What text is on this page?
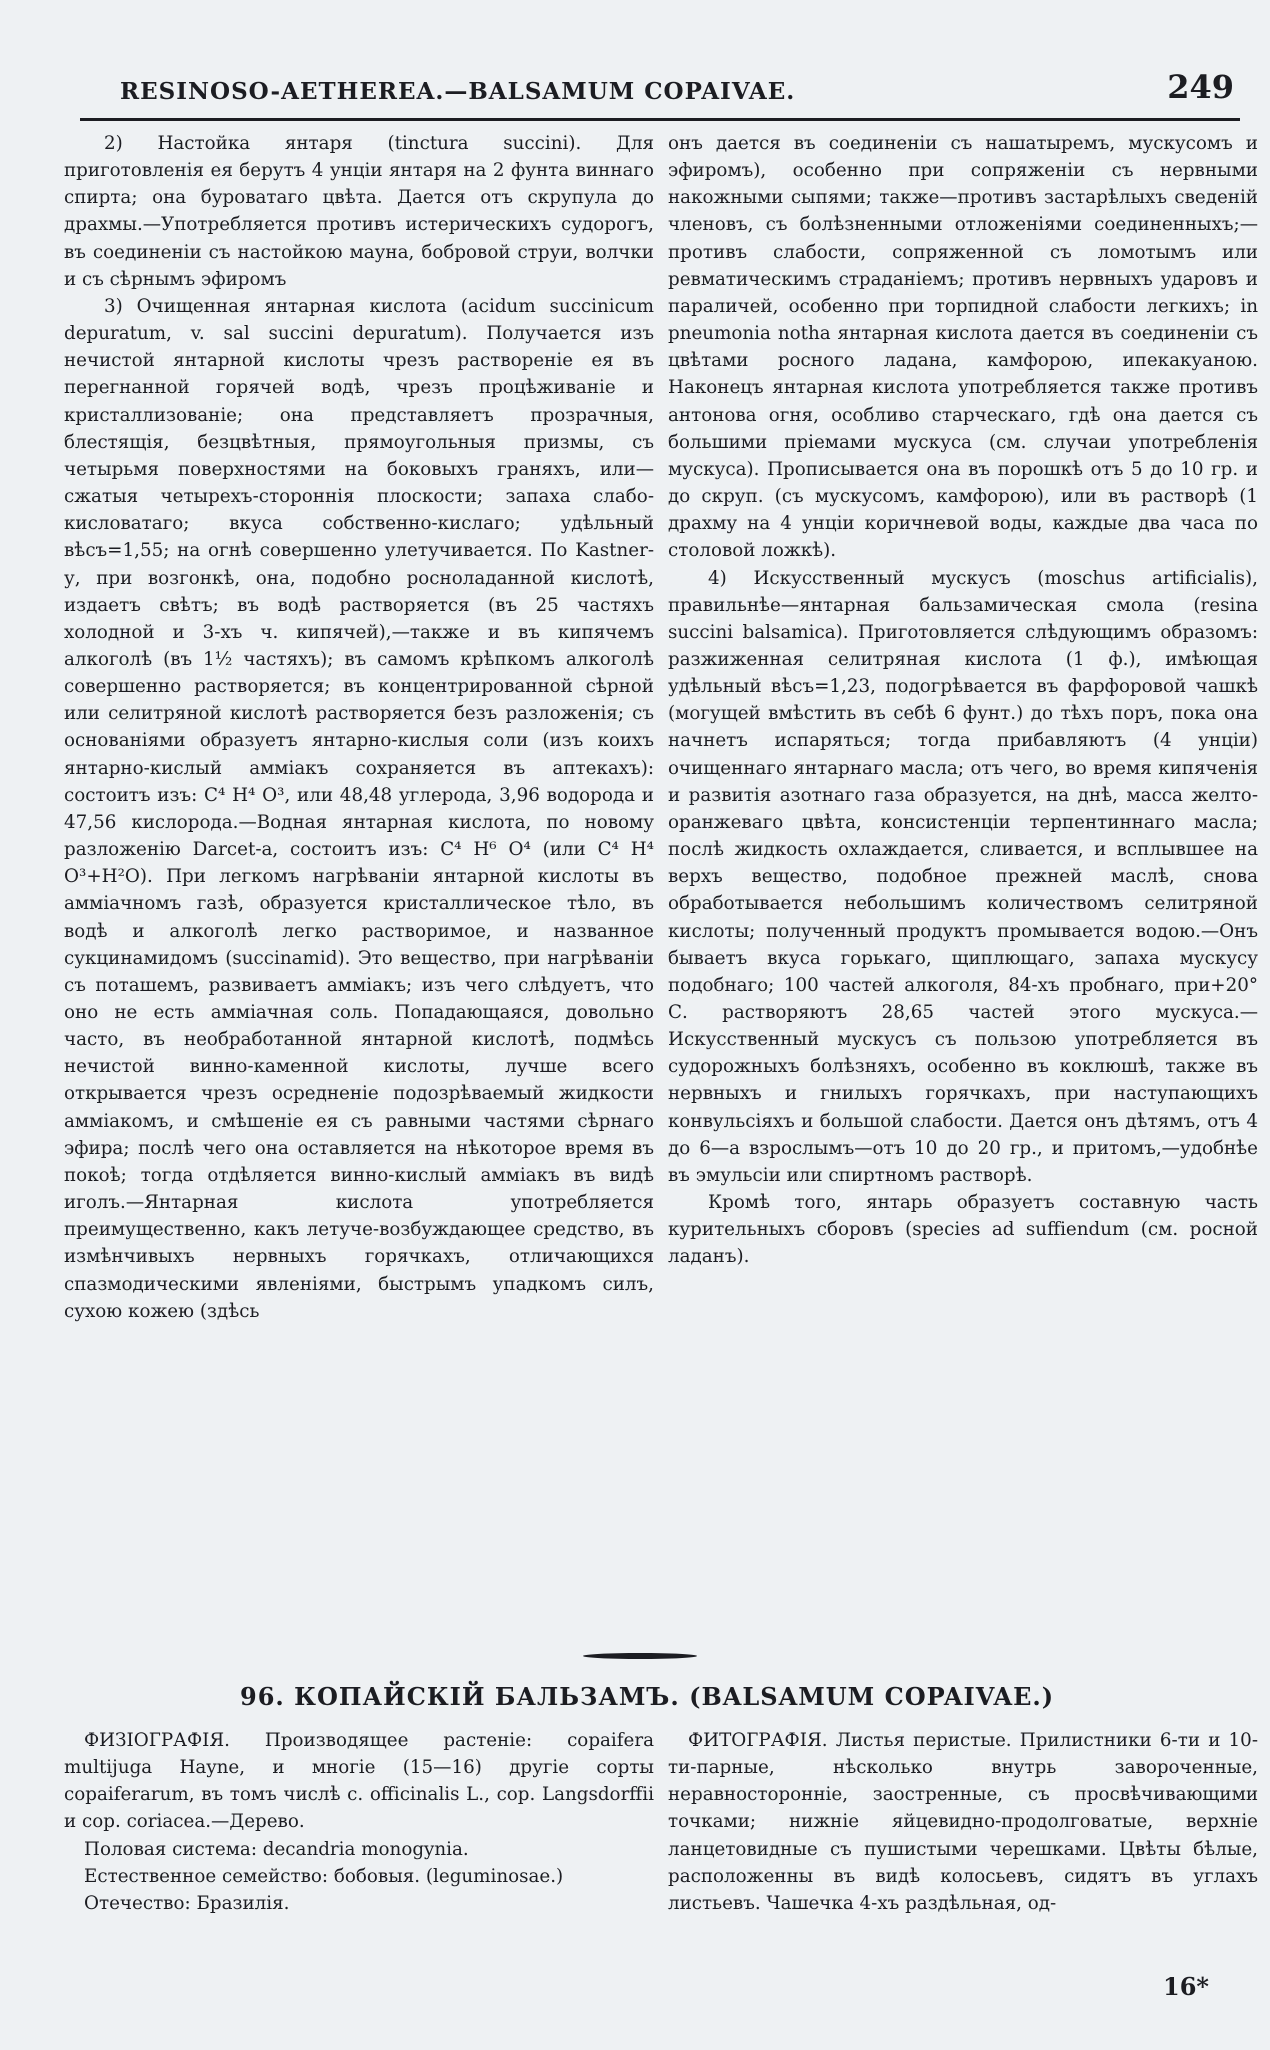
RESINOSO-AETHEREA.—BALSAMUM COPAIVAE.	249

2) Настойка янтаря (tinctura succini). Для приготовленія ея берутъ 4 унціи янтаря на 2 фунта виннаго спирта; она буроватаго цвѣта. Дается отъ скрупула до драхмы.—Употребляется противъ истерическихъ судорогъ, въ соединеніи съ настойкою мауна, бобровой струи, волчки и съ сѣрнымъ эфиромъ

3) Очищенная янтарная кислота (acidum succinicum depuratum, v. sal succini depuratum). Получается изъ нечистой янтарной кислоты чрезъ раствореніе ея въ перегнанной горячей водѣ, чрезъ процѣживаніе и кристаллизованіе; она представляетъ прозрачныя, блестящія, безцвѣтныя, прямоугольныя призмы, съ четырьмя поверхностями на боковыхъ граняхъ, или—сжатыя четырехъ-стороннія плоскости; запаха слабо-кисловатаго; вкуса собственно-кислаго; удѣльный вѣсъ=1,55; на огнѣ совершенно улетучивается. По Kastner-у, при возгонкѣ, она, подобно росноладанной кислотѣ, издаетъ свѣтъ; въ водѣ растворяется (въ 25 частяхъ холодной и 3-хъ ч. кипячей),—также и въ кипячемъ алкоголѣ (въ 1½ частяхъ); въ самомъ крѣпкомъ алкоголѣ совершенно растворяется; въ концентрированной сѣрной или селитряной кислотѣ растворяется безъ разложенія; съ основаніями образуетъ янтарно-кислыя соли (изъ коихъ янтарно-кислый аммiакъ сохраняется въ аптекахъ): состоитъ изъ: C⁴ H⁴ O³, или 48,48 углерода, 3,96 водорода и 47,56 кислорода.—Водная янтарная кислота, по новому разложенію Darcet-a, состоитъ изъ: C⁴ H⁶ O⁴ (или C⁴ H⁴ O³+H²O). При легкомъ нагрѣваніи янтарной кислоты въ амміачномъ газѣ, образуется кристаллическое тѣло, въ водѣ и алкоголѣ легко растворимое, и названное сукцинамидомъ (succinamid). Это вещество, при нагрѣваніи съ поташемъ, развиваетъ амміакъ; изъ чего слѣдуетъ, что оно не есть амміачная соль. Попадающаяся, довольно часто, въ необработанной янтарной кислотѣ, подмѣсь нечистой винно-каменной кислоты, лучше всего открывается чрезъ осредненіе подозрѣваемый жидкости амміакомъ, и смѣшеніе ея съ равными частями сѣрнаго эфира; послѣ чего она оставляется на нѣкоторое время въ покоѣ; тогда отдѣляется винно-кислый амміакъ въ видѣ иголъ.—Янтарная кислота употребляется преимущественно, какъ летуче-возбуждающее средство, въ измѣнчивыхъ нервныхъ горячкахъ, отличающихся спазмодическими явленіями, быстрымъ упадкомъ силъ, сухою кожею (здѣсь

онъ дается въ соединеніи съ нашатыремъ, мускусомъ и эфиромъ), особенно при сопряженіи съ нервными накожными сыпями; также—противъ застарѣлыхъ сведеній членовъ, съ болѣзненными отложеніями соединенныхъ;—противъ слабости, сопряженной съ ломотымъ или ревматическимъ страданіемъ; противъ нервныхъ ударовъ и параличей, особенно при торпидной слабости легкихъ; in pneumonia notha янтарная кислота дается въ соединеніи съ цвѣтами росного ладана, камфорою, ипекакуаною. Наконецъ янтарная кислота употребляется также противъ антонова огня, особливо старческаго, гдѣ она дается съ большими пріемами мускуса (см. случаи употребленія мускуса). Прописывается она въ порошкѣ отъ 5 до 10 гр. и до скруп. (съ мускусомъ, камфорою), или въ растворѣ (1 драхму на 4 унціи коричневой воды, каждые два часа по столовой ложкѣ).

4) Искусственный мускусъ (moschus artificialis), правильнѣе—янтарная бальзамическая смола (resina succini balsamica). Приготовляется слѣдующимъ образомъ: разжиженная селитряная кислота (1 ф.), имѣющая удѣльный вѣсъ=1,23, подогрѣвается въ фарфоровой чашкѣ (могущей вмѣстить въ себѣ 6 фунт.) до тѣхъ поръ, пока она начнетъ испаряться; тогда прибавляютъ (4 унціи) очищеннаго янтарнаго масла; отъ чего, во время кипяченія и развитія азотнаго газа образуется, на днѣ, масса желто-оранжеваго цвѣта, консистенціи терпентиннаго масла; послѣ жидкость охлаждается, сливается, и всплывшее на верхъ вещество, подобное прежней маслѣ, снова обработывается небольшимъ количествомъ селитряной кислоты; полученный продуктъ промывается водою.—Онъ бываетъ вкуса горькаго, щиплющаго, запаха мускусу подобнаго; 100 частей алкоголя, 84-хъ пробнаго, при+20° С. растворяютъ 28,65 частей этого мускуса.—Искусственный мускусъ съ пользою употребляется въ судорожныхъ болѣзняхъ, особенно въ коклюшѣ, также въ нервныхъ и гнилыхъ горячкахъ, при наступающихъ конвульсіяхъ и большой слабости. Дается онъ дѣтямъ, отъ 4 до 6—а взрослымъ—отъ 10 до 20 гр., и притомъ,—удобнѣе въ эмульсіи или спиртномъ растворѣ.

Кромѣ того, янтарь образуетъ составную часть курительныхъ сборовъ (species ad suffiendum (см. росной ладанъ).

96. КОПАЙСКІЙ БАЛЬЗАМЪ. (BALSAMUM COPAIVAE.)

ФИЗІОГРАФІЯ. Производящее растеніе: copaifera multijuga Hayne, и многіе (15—16) другіе сорты copaiferarum, въ томъ числѣ c. officinalis L., cop. Langsdorffii и cop. coriacea.—Дерево.

Половая система: decandria monogynia.

Естественное семейство: бобовыя. (leguminosae.)

Отечество: Бразилія.

ФИТОГРАФІЯ. Листья перистые. Прилистники 6-ти и 10-ти-парные, нѣсколько внутрь завороченные, неравностороннiе, заостренные, съ просвѣчивающими точками; нижніе яйцевидно-продолговатые, верхніе ланцетовидные съ пушистыми черешками. Цвѣты бѣлые, расположенны въ видѣ колосьевъ, сидятъ въ углахъ листьевъ. Чашечка 4-хъ раздѣльная, од-

16*
